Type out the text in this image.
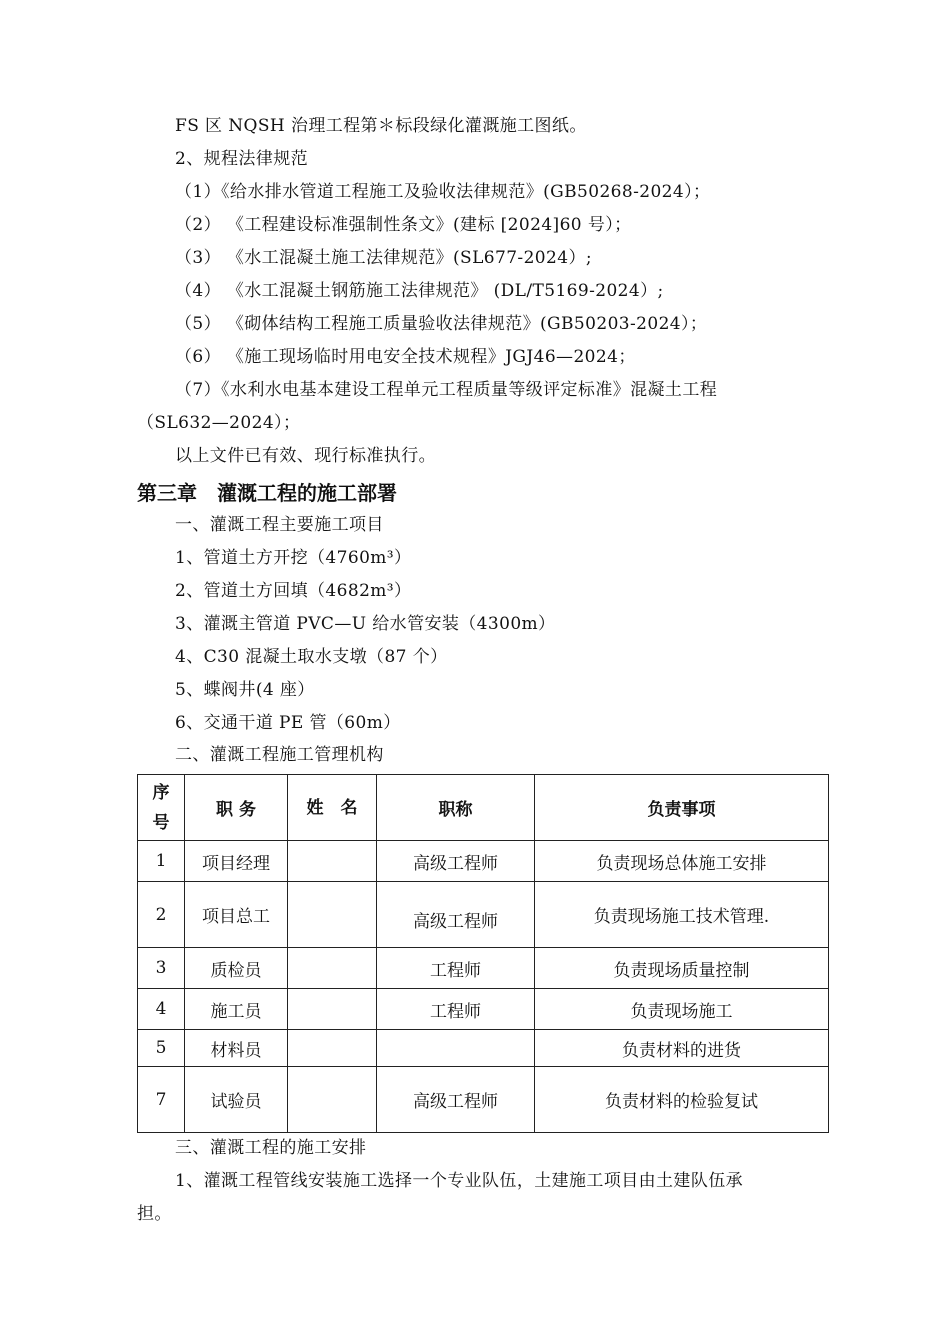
FS 区 NQSH 治理工程第＊标段绿化灌溉施工图纸。
2、规程法律规范
（1）《给水排水管道工程施工及验收法律规范》(GB50268-2024）；
（2） 《工程建设标准强制性条文》(建标 [2024]60 号）；
（3） 《水工混凝土施工法律规范》(SL677-2024）;
（4） 《水工混凝土钢筋施工法律规范》 (DL/T5169-2024）;
（5） 《砌体结构工程施工质量验收法律规范》(GB50203-2024）；
（6） 《施工现场临时用电安全技术规程》JGJ46—2024；
（7）《水利水电基本建设工程单元工程质量等级评定标准》混凝土工程
（SL632—2024）；
以上文件已有效、现行标准执行。
第三章　灌溉工程的施工部署
一、灌溉工程主要施工项目
1、管道土方开挖（4760m³）
2、管道土方回填（4682m³）
3、灌溉主管道 PVC—U 给水管安装（4300m）
4、C30 混凝土取水支墩（87 个）
5、蝶阀井(4 座）
6、交通干道 PE 管（60m）
二、灌溉工程施工管理机构
序
号	职 务	姓　名	职称	负责事项
1	项目经理		高级工程师	负责现场总体施工安排
2	项目总工		高级工程师	负责现场施工技术管理.
3	质检员		工程师	负责现场质量控制
4	施工员		工程师	负责现场施工
5	材料员			负责材料的进货
7	试验员		高级工程师	负责材料的检验复试
三、灌溉工程的施工安排
1、灌溉工程管线安装施工选择一个专业队伍，土建施工项目由土建队伍承
担。
